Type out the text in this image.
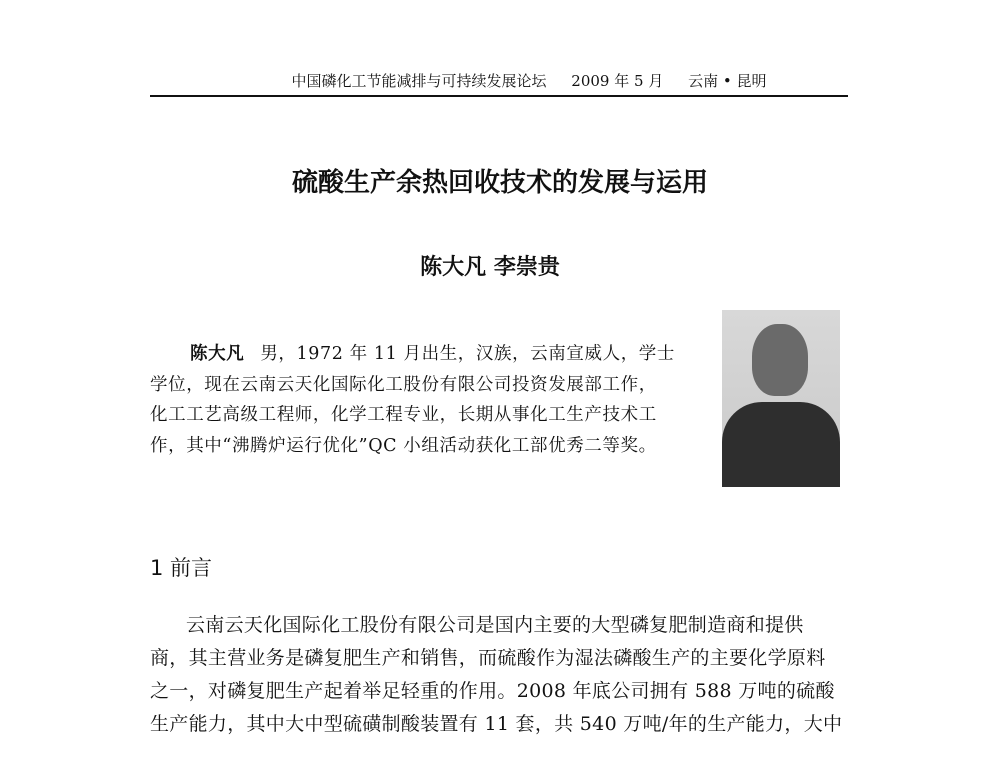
中国磷化工节能减排与可持续发展论坛 2009 年 5 月 云南 • 昆明
硫酸生产余热回收技术的发展与运用
陈大凡 李崇贵
陈大凡 男，1972 年 11 月出生，汉族，云南宣威人，学士
学位，现在云南云天化国际化工股份有限公司投资发展部工作，
化工工艺高级工程师，化学工程专业，长期从事化工生产技术工
作，其中“沸腾炉运行优化”QC 小组活动获化工部优秀二等奖。
1 前言
云南云天化国际化工股份有限公司是国内主要的大型磷复肥制造商和提供
商，其主营业务是磷复肥生产和销售，而硫酸作为湿法磷酸生产的主要化学原料
之一，对磷复肥生产起着举足轻重的作用。2008 年底公司拥有 588 万吨的硫酸
生产能力，其中大中型硫磺制酸装置有 11 套，共 540 万吨/年的生产能力，大中
